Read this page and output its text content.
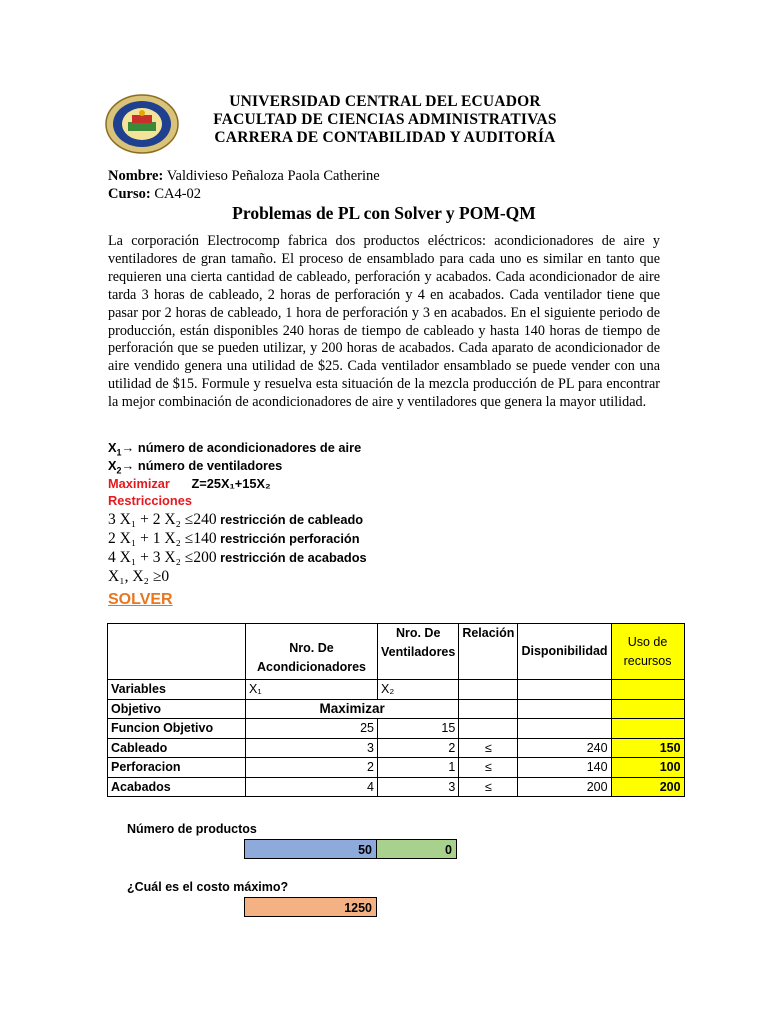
UNIVERSIDAD CENTRAL DEL ECUADOR
FACULTAD DE CIENCIAS ADMINISTRATIVAS
CARRERA DE CONTABILIDAD Y AUDITORÍA
Nombre: Valdivieso Peñaloza Paola Catherine
Curso: CA4-02
Problemas de PL con Solver y POM-QM
La corporación Electrocomp fabrica dos productos eléctricos: acondicionadores de aire y ventiladores de gran tamaño. El proceso de ensamblado para cada uno es similar en tanto que requieren una cierta cantidad de cableado, perforación y acabados. Cada acondicionador de aire tarda 3 horas de cableado, 2 horas de perforación y 4 en acabados. Cada ventilador tiene que pasar por 2 horas de cableado, 1 hora de perforación y 3 en acabados. En el siguiente periodo de producción, están disponibles 240 horas de tiempo de cableado y hasta 140 horas de tiempo de perforación que se pueden utilizar, y 200 horas de acabados. Cada aparato de acondicionador de aire vendido genera una utilidad de $25. Cada ventilador ensamblado se puede vender con una utilidad de $15. Formule y resuelva esta situación de la mezcla producción de PL para encontrar la mejor combinación de acondicionadores de aire y ventiladores que genera la mayor utilidad.
$X_1\to$ número de acondicionadores de aire
$X_2\to$ número de ventiladores
Maximizar Z=25X₁+15X₂
Restricciones
3 X₁ + 2 X₂ ≤240 restricción de cableado
2 X₁ + 1 X₂ ≤140 restricción perforación
4 X₁ + 3 X₂ ≤200 restricción de acabados
X₁, X₂ ≥0
SOLVER
	Nro. De Acondicionadores	Nro. De Ventiladores	Relación	Disponibilidad	Uso de recursos
Variables	X₁	X₂			
Objetivo	Maximizar				
Funcion Objetivo	25	15			
Cableado	3	2	≤	240	150
Perforacion	2	1	≤	140	100
Acabados	4	3	≤	200	200
Número de productos
50	0
¿Cuál es el costo máximo?
1250
